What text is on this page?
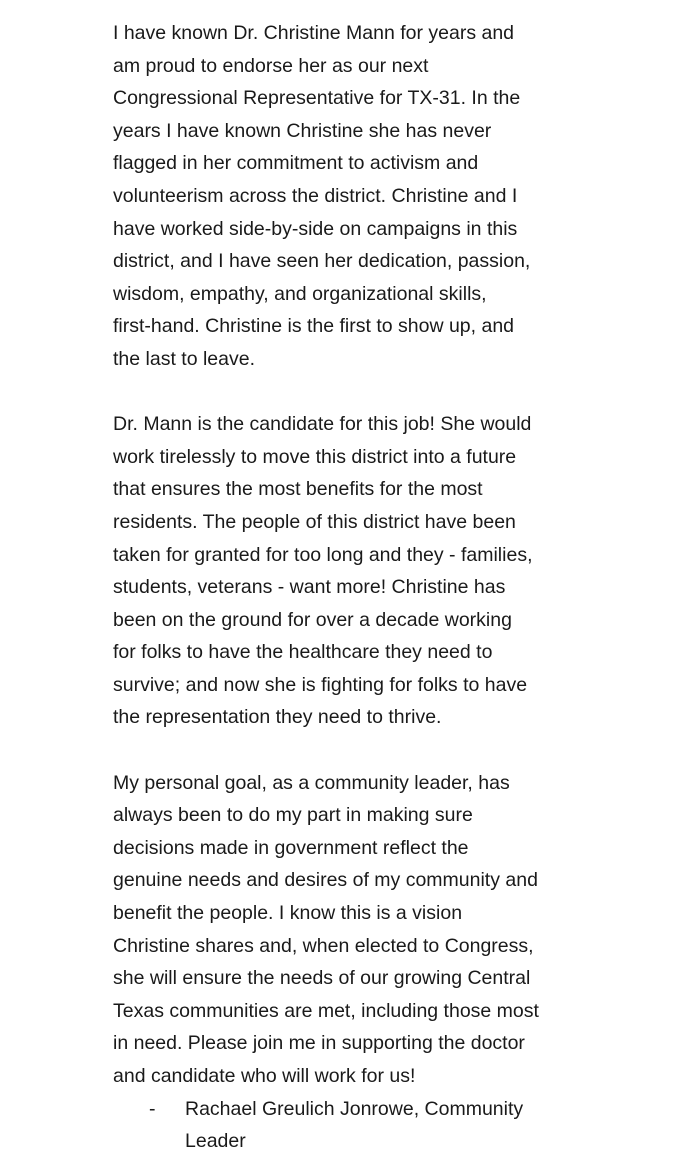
I have known Dr. Christine Mann for years and
am proud to endorse her as our next
Congressional Representative for TX-31. In the
years I have known Christine she has never
flagged in her commitment to activism and
volunteerism across the district. Christine and I
have worked side-by-side on campaigns in this
district, and I have seen her dedication, passion,
wisdom, empathy, and organizational skills,
first-hand. Christine is the first to show up, and
the last to leave.

Dr. Mann is the candidate for this job! She would
work tirelessly to move this district into a future
that ensures the most benefits for the most
residents. The people of this district have been
taken for granted for too long and they - families,
students, veterans - want more! Christine has
been on the ground for over a decade working
for folks to have the healthcare they need to
survive; and now she is fighting for folks to have
the representation they need to thrive.

My personal goal, as a community leader, has
always been to do my part in making sure
decisions made in government reflect the
genuine needs and desires of my community and
benefit the people. I know this is a vision
Christine shares and, when elected to Congress,
she will ensure the needs of our growing Central
Texas communities are met, including those most
in need. Please join me in supporting the doctor
and candidate who will work for us!

-	Rachael Greulich Jonrowe, Community
Leader
